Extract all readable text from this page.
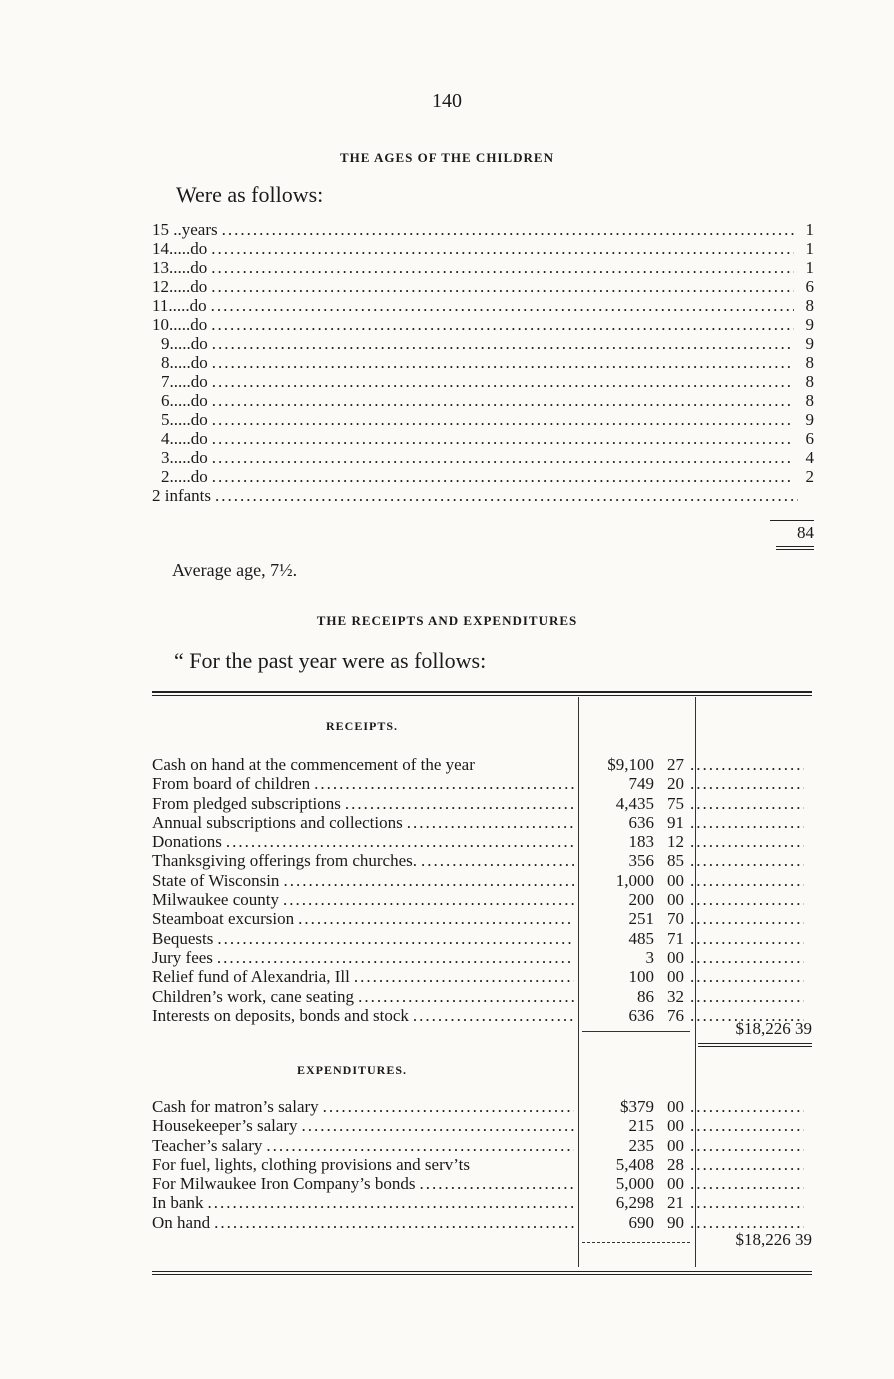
140
THE AGES OF THE CHILDREN
Were as follows:
15 ..years .....	1
14.....do .....	1
13.....do .....	1
12.....do .....	6
11.....do .....	8
10.....do .....	9
9.....do .....	9
8.....do .....	8
7.....do .....	8
6.....do .....	8
5.....do .....	9
4.....do .....	6
3.....do .....	4
2.....do .....	2
2 infants
.....
84
Average age, 7½.
THE RECEIPTS AND EXPENDITURES
“ For the past year were as follows:
RECEIPTS.
Cash on hand at the commencement of the year	$9,100 27
.....
From board of children .....	749 20
.....
From pledged subscriptions .....	4,435 75
.....
Annual subscriptions and collections .....	636 91
.....
Donations .....	183 12
.....
Thanksgiving offerings from churches. .....	356 85
.....
State of Wisconsin .....	1,000 00
.....
Milwaukee county .....	200 00
.....
Steamboat excursion .....	251 70
.....
Bequests .....	485 71
.....
Jury fees .....	3 00
.....
Relief fund of Alexandria, Ill .....	100 00
.....
Children’s work, cane seating .....	86 32
.....
Interests on deposits, bonds and stock .....	636 76
.....
$18,226 39
EXPENDITURES.
Cash for matron’s salary .....	$379 00
.....
Housekeeper’s salary .....	215 00
.....
Teacher’s salary .....	235 00
.....
For fuel, lights, clothing provisions and serv’ts	5,408 28
.....
For Milwaukee Iron Company’s bonds .....	5,000 00
.....
In bank .....	6,298 21
.....
On hand .....	690 90
.....
$18,226 39
